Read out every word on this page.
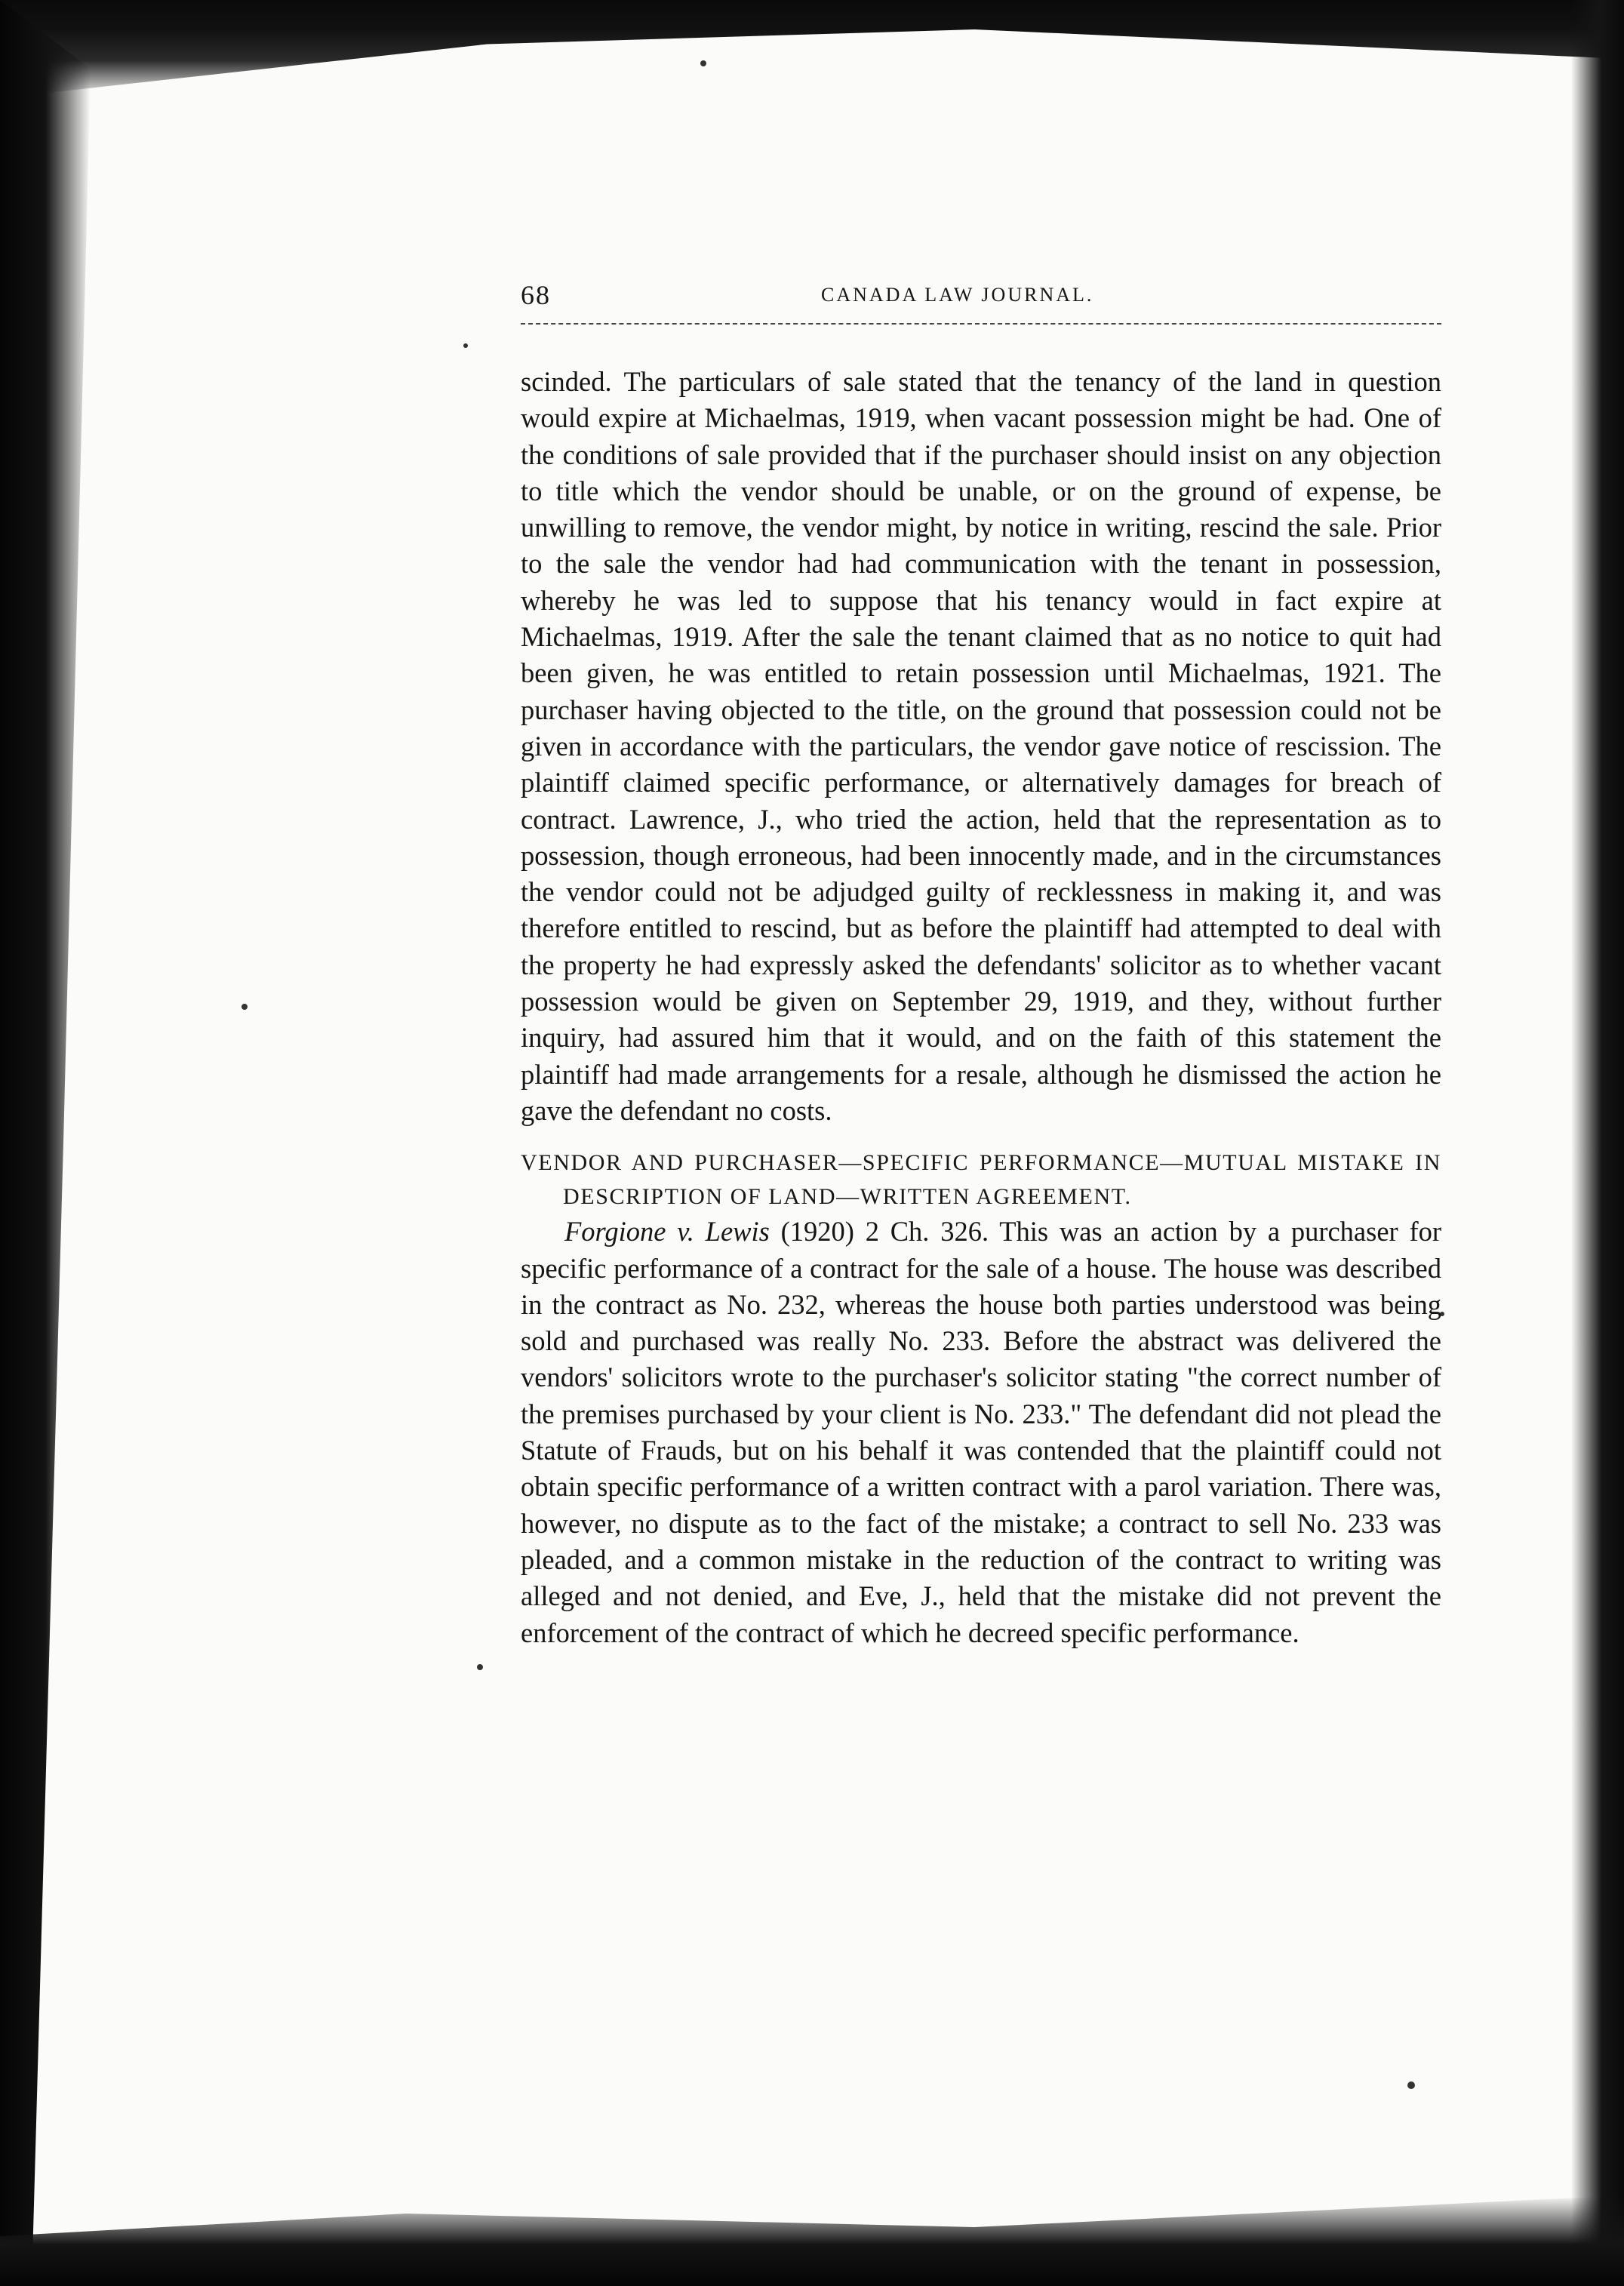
68	CANADA LAW JOURNAL.

scinded. The particulars of sale stated that the tenancy of the land in question would expire at Michaelmas, 1919, when vacant possession might be had. One of the conditions of sale provided that if the purchaser should insist on any objection to title which the vendor should be unable, or on the ground of expense, be unwilling to remove, the vendor might, by notice in writing, rescind the sale. Prior to the sale the vendor had had communication with the tenant in possession, whereby he was led to suppose that his tenancy would in fact expire at Michaelmas, 1919. After the sale the tenant claimed that as no notice to quit had been given, he was entitled to retain possession until Michaelmas, 1921. The purchaser having objected to the title, on the ground that possession could not be given in accordance with the particulars, the vendor gave notice of rescission. The plaintiff claimed specific performance, or alternatively damages for breach of contract. Lawrence, J., who tried the action, held that the representation as to possession, though erroneous, had been innocently made, and in the circumstances the vendor could not be adjudged guilty of recklessness in making it, and was therefore entitled to rescind, but as before the plaintiff had attempted to deal with the property he had expressly asked the defendants' solicitor as to whether vacant possession would be given on September 29, 1919, and they, without further inquiry, had assured him that it would, and on the faith of this statement the plaintiff had made arrangements for a resale, although he dismissed the action he gave the defendant no costs.

VENDOR AND PURCHASER—SPECIFIC PERFORMANCE—MUTUAL MISTAKE IN DESCRIPTION OF LAND—WRITTEN AGREEMENT.

Forgione v. Lewis (1920) 2 Ch. 326. This was an action by a purchaser for specific performance of a contract for the sale of a house. The house was described in the contract as No. 232, whereas the house both parties understood was being sold and purchased was really No. 233. Before the abstract was delivered the vendors' solicitors wrote to the purchaser's solicitor stating "the correct number of the premises purchased by your client is No. 233." The defendant did not plead the Statute of Frauds, but on his behalf it was contended that the plaintiff could not obtain specific performance of a written contract with a parol variation. There was, however, no dispute as to the fact of the mistake; a contract to sell No. 233 was pleaded, and a common mistake in the reduction of the contract to writing was alleged and not denied, and Eve, J., held that the mistake did not prevent the enforcement of the contract of which he decreed specific performance.
